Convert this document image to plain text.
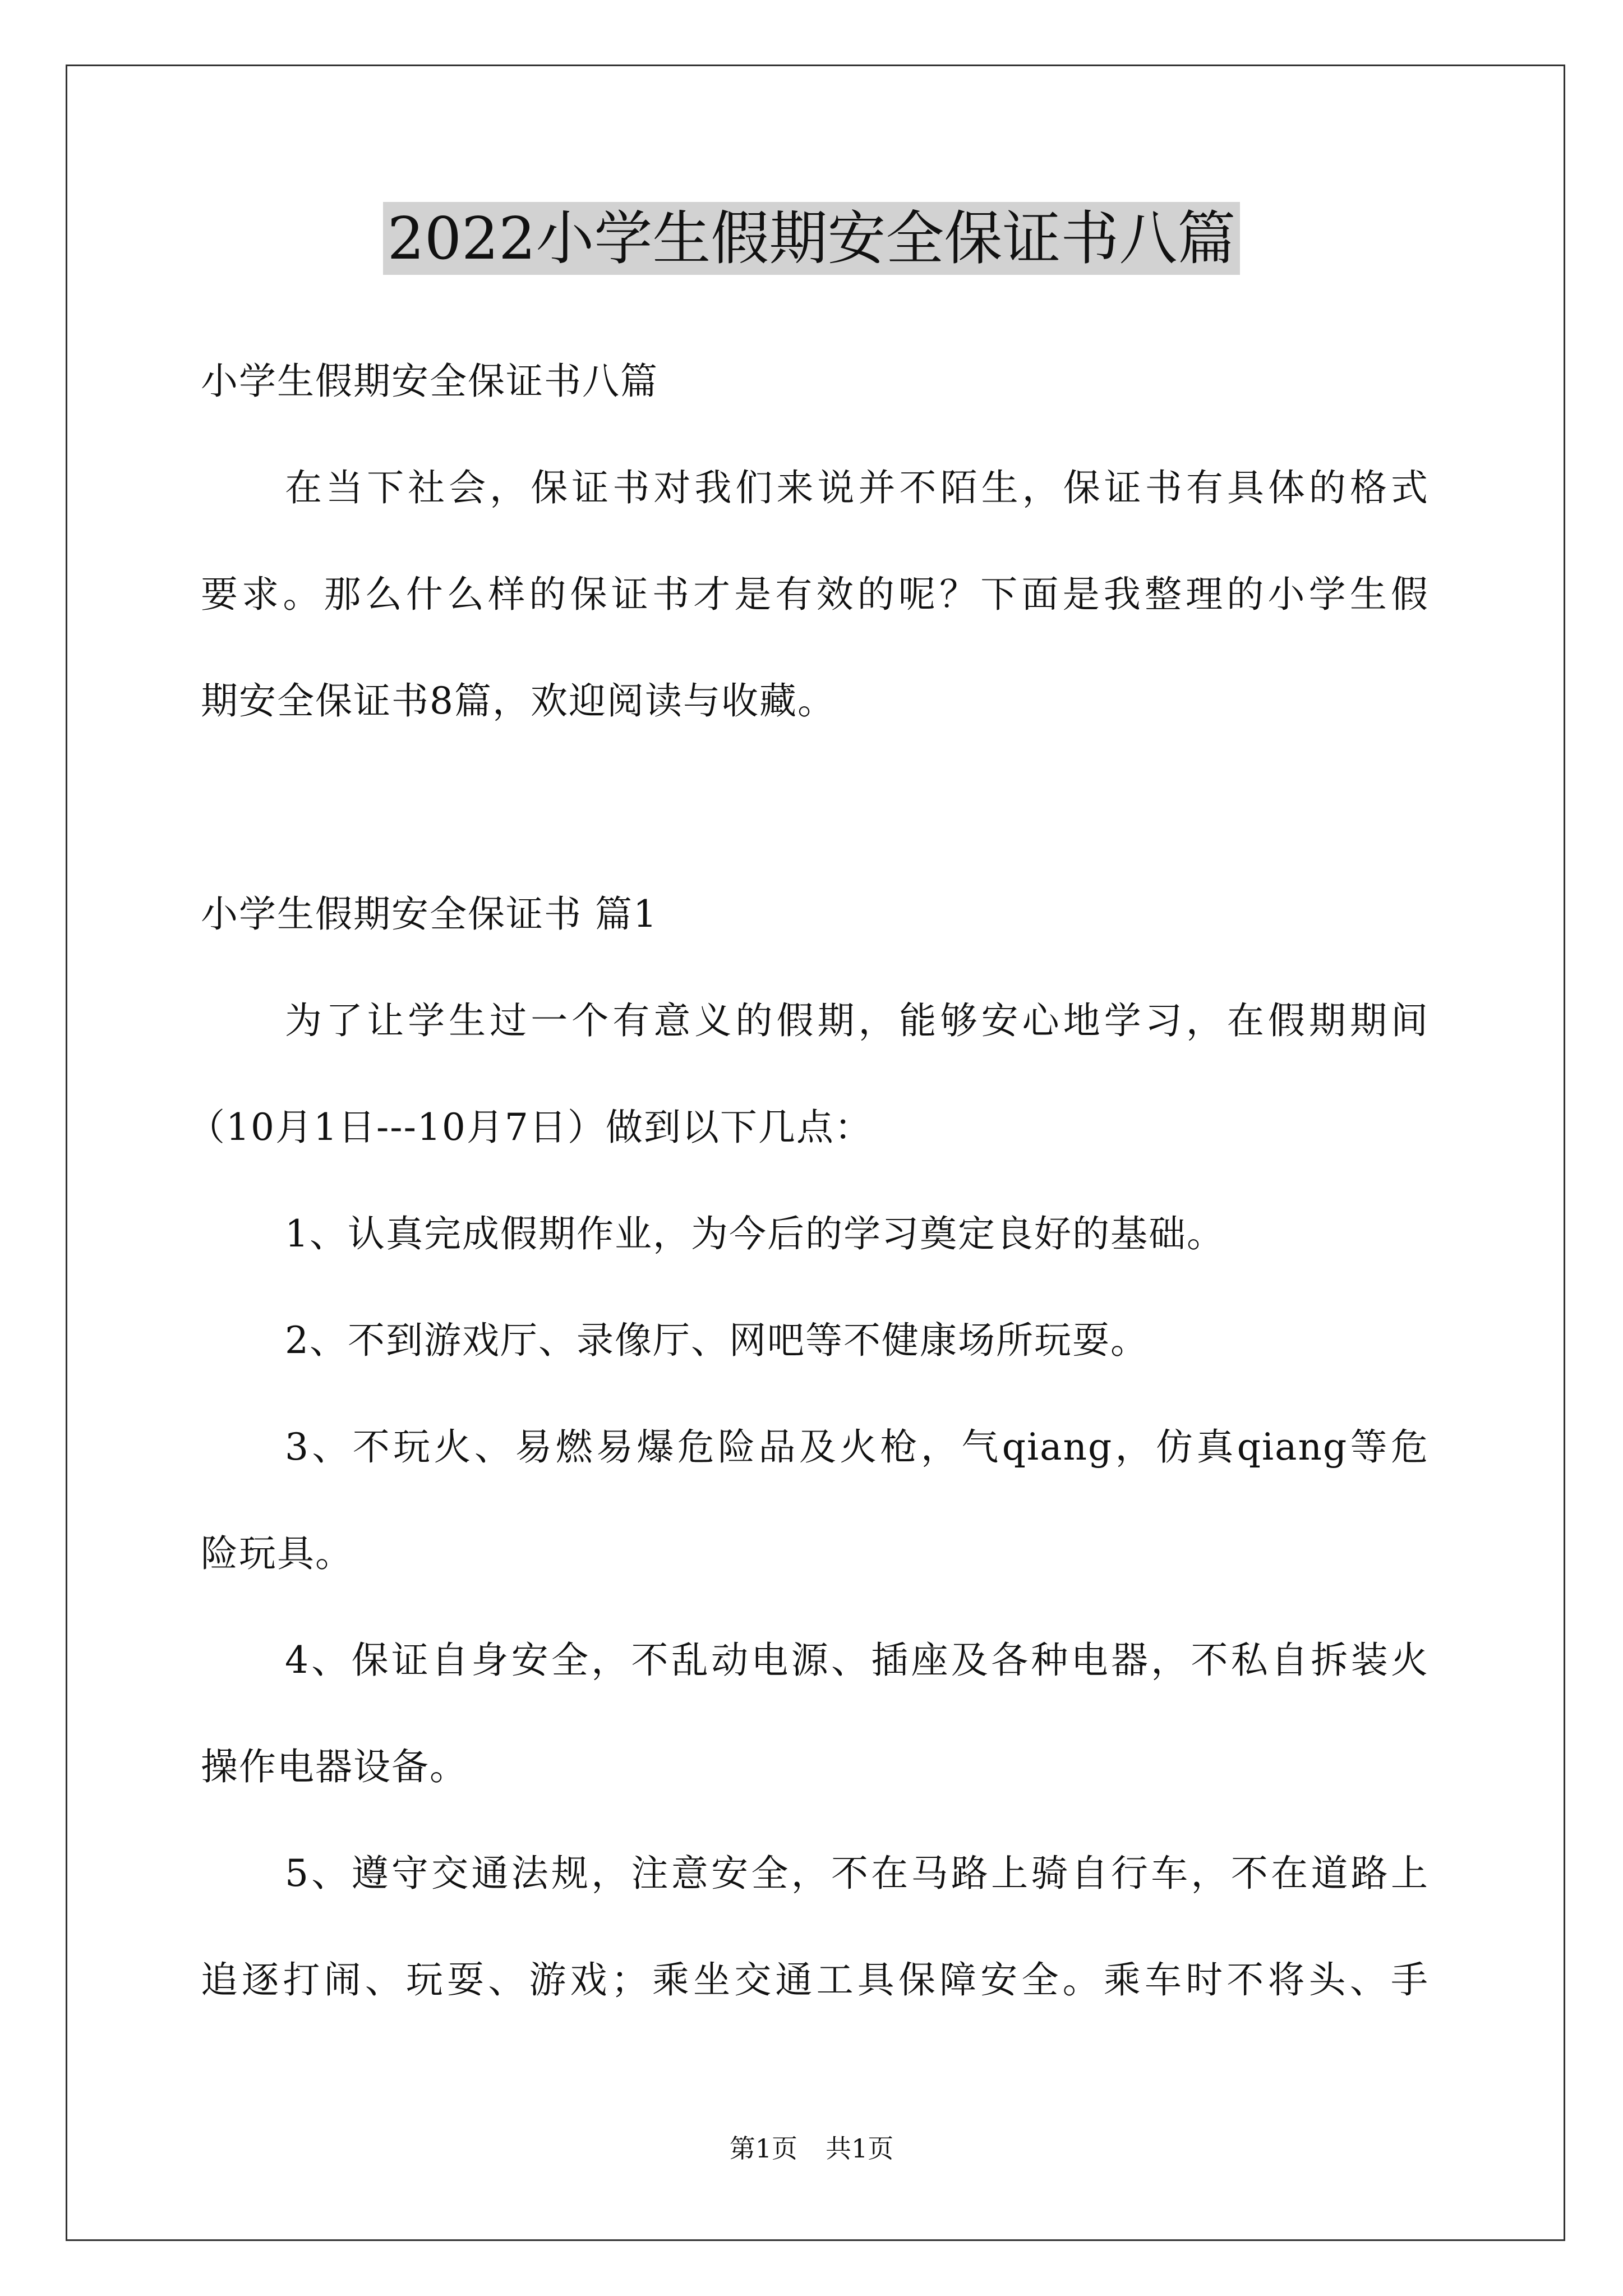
2022小学生假期安全保证书八篇
小学生假期安全保证书八篇
在当下社会，保证书对我们来说并不陌生，保证书有具体的格式
要求。那么什么样的保证书才是有效的呢？下面是我整理的小学生假
期安全保证书8篇，欢迎阅读与收藏。
小学生假期安全保证书 篇1
为了让学生过一个有意义的假期，能够安心地学习，在假期期间
（10月1日---10月7日）做到以下几点：
1、认真完成假期作业，为今后的学习奠定良好的基础。
2、不到游戏厅、录像厅、网吧等不健康场所玩耍。
3、不玩火、易燃易爆危险品及火枪，气qiang，仿真qiang等危
险玩具。
4、保证自身安全，不乱动电源、插座及各种电器，不私自拆装火
操作电器设备。
5、遵守交通法规，注意安全，不在马路上骑自行车，不在道路上
追逐打闹、玩耍、游戏；乘坐交通工具保障安全。乘车时不将头、手
第1页 共1页
